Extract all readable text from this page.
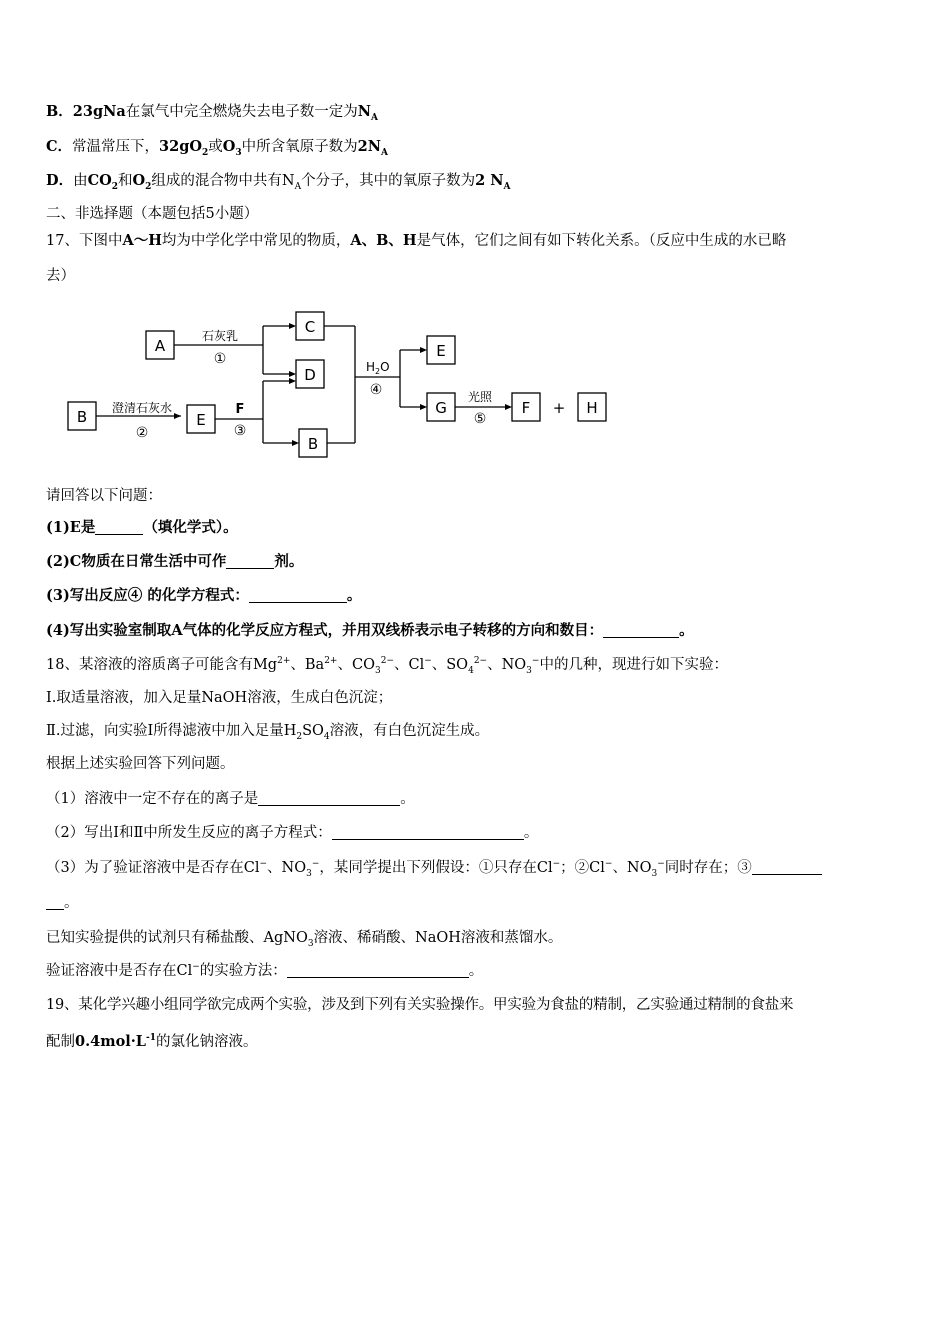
B．23gNa在氯气中完全燃烧失去电子数一定为$N_A$
C．常温常压下，$32gO_2$或$O_3$中所含氧原子数为$2N_A$
D．由$CO_2$和$O_2$组成的混合物中共有$N_A$个分子，其中的氧原子数为2 $N_A$
二、非选择题（本题包括5小题）
17、下图中A～H均为中学化学中常见的物质，A、B、H是气体，它们之间有如下转化关系。（反应中生成的水已略
去）
A
C
D
B	E
B
E
G	F	H
+
石灰乳
①
澄清石灰水
②
F
③
$H_2O$
④	光照
⑤
请回答以下问题：
(1)E是	（填化学式）。
(2)C物质在日常生活中可作	剂。
(3)写出反应④ 的化学方程式：	。
(4)写出实验室制取A气体的化学反应方程式，并用双线桥表示电子转移的方向和数目：	。
18、某溶液的溶质离子可能含有$Mg^{2+}$、$Ba^{2+}$、$CO_3^{2-}$、Cl−、$SO_4^{2-}$、$NO_3^-$中的几种，现进行如下实验：
Ⅰ.取适量溶液，加入足量NaOH溶液，生成白色沉淀；
Ⅱ.过滤，向实验Ⅰ所得滤液中加入足量$H_2SO_4$溶液，有白色沉淀生成。
根据上述实验回答下列问题。
（1）溶液中一定不存在的离子是	。
（2）写出Ⅰ和Ⅱ中所发生反应的离子方程式：	。
（3）为了验证溶液中是否存在Cl−、$NO_3^-$，某同学提出下列假设：①只存在Cl−；②Cl−、$NO_3^-$同时存在；③
。
已知实验提供的试剂只有稀盐酸、AgNO$_3$溶液、稀硝酸、NaOH溶液和蒸馏水。
验证溶液中是否存在Cl−的实验方法：	。
19、某化学兴趣小组同学欲完成两个实验，涉及到下列有关实验操作。甲实验为食盐的精制，乙实验通过精制的食盐来
配制$0.4mol\cdot L^{-1}$的氯化钠溶液。
